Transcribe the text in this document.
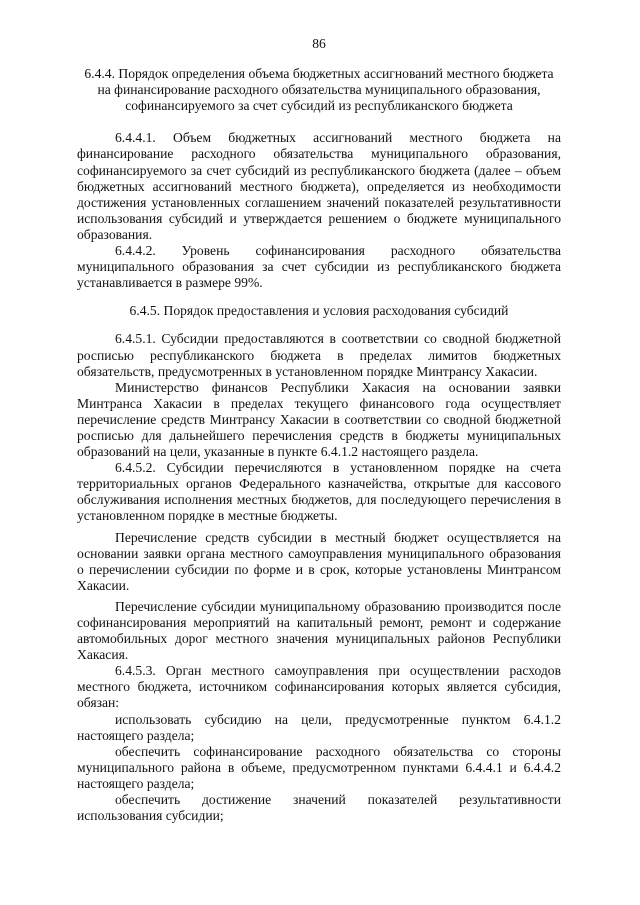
86
6.4.4. Порядок определения объема бюджетных ассигнований местного бюджета на финансирование расходного обязательства муниципального образования, софинансируемого за счет субсидий из республиканского бюджета

6.4.4.1. Объем бюджетных ассигнований местного бюджета на финансирование расходного обязательства муниципального образования, софинансируемого за счет субсидий из республиканского бюджета (далее – объем бюджетных ассигнований местного бюджета), определяется из необходимости достижения установленных соглашением значений показателей результативности использования субсидий и утверждается решением о бюджете муниципального образования.

6.4.4.2. Уровень софинансирования расходного обязательства муниципального образования за счет субсидии из республиканского бюджета устанавливается в размере 99%.

6.4.5. Порядок предоставления и условия расходования субсидий

6.4.5.1. Субсидии предоставляются в соответствии со сводной бюджетной росписью республиканского бюджета в пределах лимитов бюджетных обязательств, предусмотренных в установленном порядке Минтрансу Хакасии.

Министерство финансов Республики Хакасия на основании заявки Минтранса Хакасии в пределах текущего финансового года осуществляет перечисление средств Минтрансу Хакасии в соответствии со сводной бюджетной росписью для дальнейшего перечисления средств в бюджеты муниципальных образований на цели, указанные в пункте 6.4.1.2 настоящего раздела.

6.4.5.2. Субсидии перечисляются в установленном порядке на счета территориальных органов Федерального казначейства, открытые для кассового обслуживания исполнения местных бюджетов, для последующего перечисления в установленном порядке в местные бюджеты.

Перечисление средств субсидии в местный бюджет осуществляется на основании заявки органа местного самоуправления муниципального образования о перечислении субсидии по форме и в срок, которые установлены Минтрансом Хакасии.

Перечисление субсидии муниципальному образованию производится после софинансирования мероприятий на капитальный ремонт, ремонт и содержание автомобильных дорог местного значения муниципальных районов Республики Хакасия.

6.4.5.3. Орган местного самоуправления при осуществлении расходов местного бюджета, источником софинансирования которых является субсидия, обязан:

использовать субсидию на цели, предусмотренные пунктом 6.4.1.2 настоящего раздела;

обеспечить софинансирование расходного обязательства со стороны муниципального района в объеме, предусмотренном пунктами 6.4.4.1 и 6.4.4.2 настоящего раздела;

обеспечить достижение значений показателей результативности использования субсидии;
